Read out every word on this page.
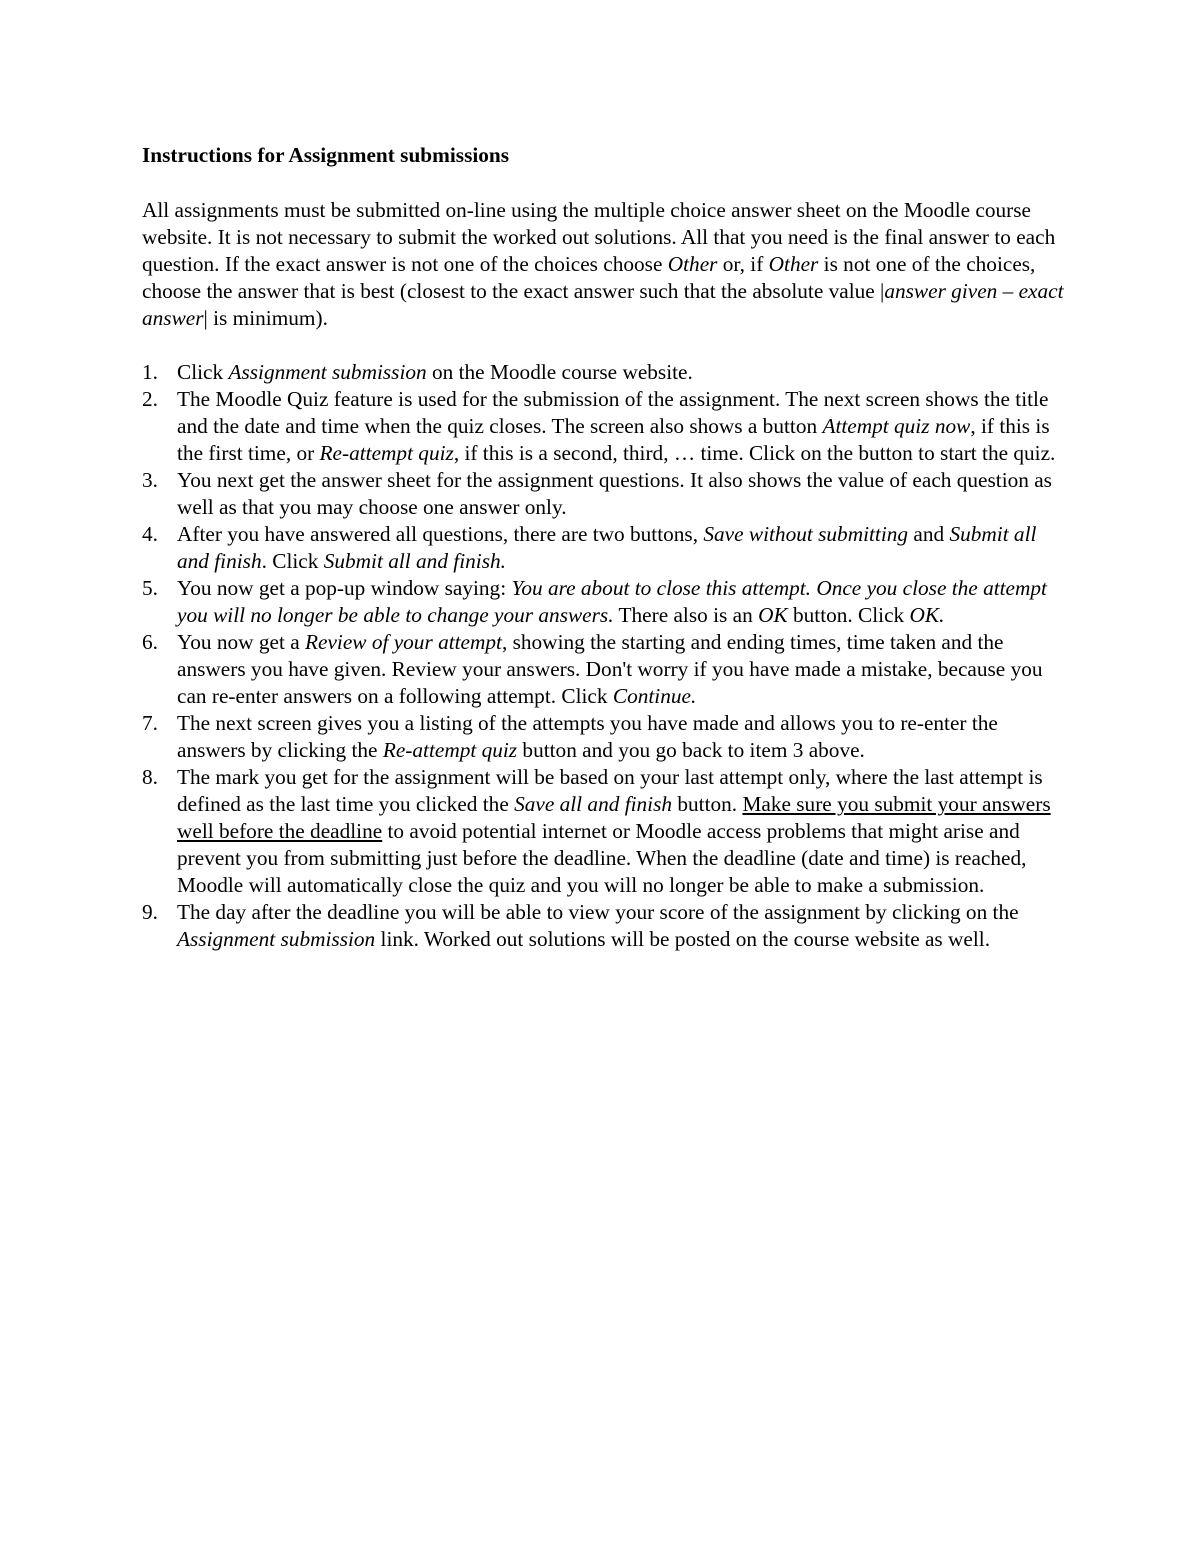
Instructions for Assignment submissions

All assignments must be submitted on-line using the multiple choice answer sheet on the Moodle course website. It is not necessary to submit the worked out solutions. All that you need is the final answer to each question. If the exact answer is not one of the choices choose Other or, if Other is not one of the choices, choose the answer that is best (closest to the exact answer such that the absolute value |answer given – exact answer| is minimum).

1. Click Assignment submission on the Moodle course website.
2. The Moodle Quiz feature is used for the submission of the assignment. The next screen shows the title and the date and time when the quiz closes. The screen also shows a button Attempt quiz now, if this is the first time, or Re-attempt quiz, if this is a second, third, … time. Click on the button to start the quiz.
3. You next get the answer sheet for the assignment questions. It also shows the value of each question as well as that you may choose one answer only.
4. After you have answered all questions, there are two buttons, Save without submitting and Submit all and finish. Click Submit all and finish.
5. You now get a pop-up window saying: You are about to close this attempt. Once you close the attempt you will no longer be able to change your answers. There also is an OK button. Click OK.
6. You now get a Review of your attempt, showing the starting and ending times, time taken and the answers you have given. Review your answers. Don't worry if you have made a mistake, because you can re-enter answers on a following attempt. Click Continue.
7. The next screen gives you a listing of the attempts you have made and allows you to re-enter the answers by clicking the Re-attempt quiz button and you go back to item 3 above.
8. The mark you get for the assignment will be based on your last attempt only, where the last attempt is defined as the last time you clicked the Save all and finish button. Make sure you submit your answers well before the deadline to avoid potential internet or Moodle access problems that might arise and prevent you from submitting just before the deadline. When the deadline (date and time) is reached, Moodle will automatically close the quiz and you will no longer be able to make a submission.
9. The day after the deadline you will be able to view your score of the assignment by clicking on the Assignment submission link. Worked out solutions will be posted on the course website as well.
